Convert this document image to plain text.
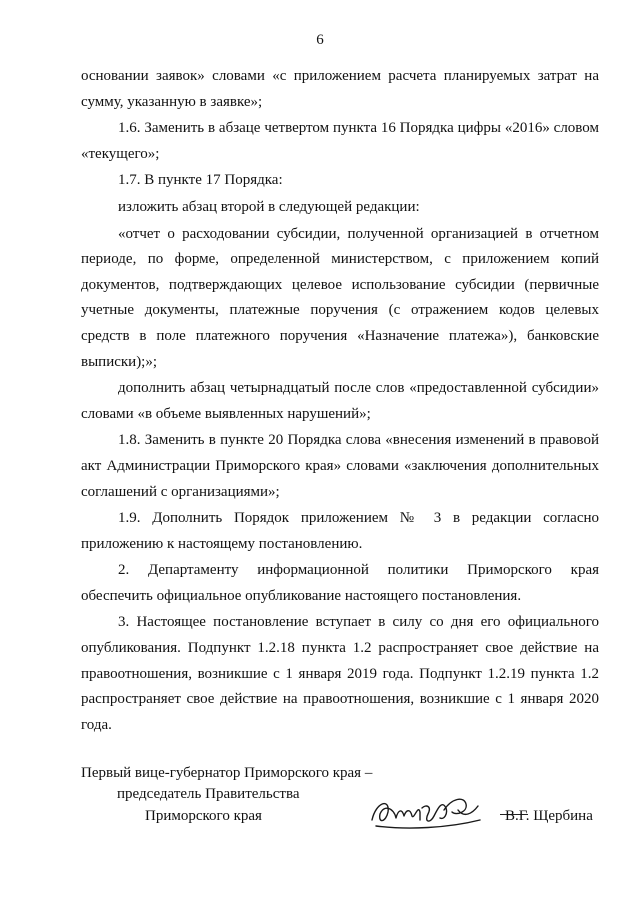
6

основании заявок» словами «с приложением расчета планируемых затрат на сумму, указанную в заявке»;

1.6. Заменить в абзаце четвертом пункта 16 Порядка цифры «2016» словом «текущего»;

1.7. В пункте 17 Порядка:

изложить абзац второй в следующей редакции:

«отчет о расходовании субсидии, полученной организацией в отчетном периоде, по форме, определенной министерством, с приложением копий документов, подтверждающих целевое использование субсидии (первичные учетные документы, платежные поручения (с отражением кодов целевых средств в поле платежного поручения «Назначение платежа»), банковские выписки);»;

дополнить абзац четырнадцатый после слов «предоставленной субсидии» словами «в объеме выявленных нарушений»;

1.8. Заменить в пункте 20 Порядка слова «внесения изменений в правовой акт Администрации Приморского края» словами «заключения дополнительных соглашений с организациями»;

1.9. Дополнить Порядок приложением № 3 в редакции согласно приложению к настоящему постановлению.

2. Департаменту информационной политики Приморского края обеспечить официальное опубликование настоящего постановления.

3. Настоящее постановление вступает в силу со дня его официального опубликования. Подпункт 1.2.18 пункта 1.2 распространяет свое действие на правоотношения, возникшие с 1 января 2019 года. Подпункт 1.2.19 пункта 1.2 распространяет свое действие на правоотношения, возникшие с 1 января 2020 года.

Первый вице-губернатор Приморского края –
председатель Правительства
Приморского края	В.Г. Щербина
